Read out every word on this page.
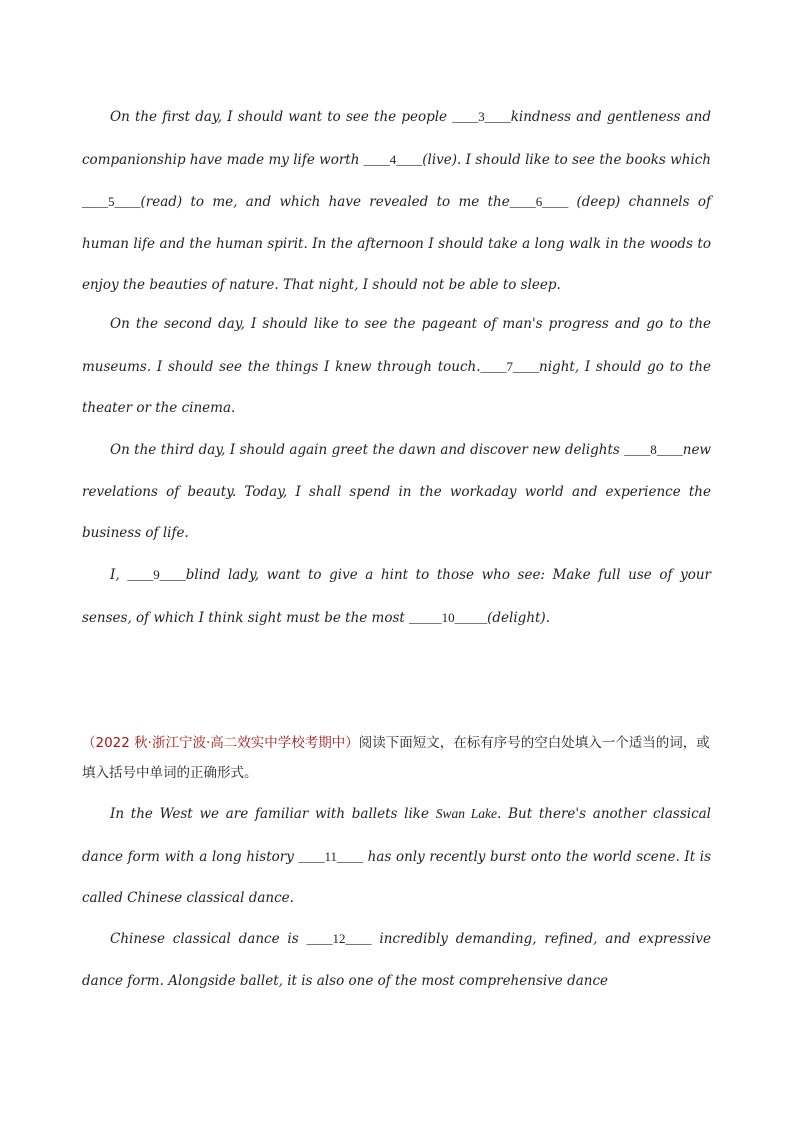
On the first day, I should want to see the people ____3____kindness and gentleness and companionship have made my life worth ____4____(live). I should like to see the books which ____5____(read) to me, and which have revealed to me the____6____ (deep) channels of human life and the human spirit. In the afternoon I should take a long walk in the woods to enjoy the beauties of nature. That night, I should not be able to sleep.

On the second day, I should like to see the pageant of man's progress and go to the museums. I should see the things I knew through touch.____7____night, I should go to the theater or the cinema.

On the third day, I should again greet the dawn and discover new delights ____8____new revelations of beauty. Today, I shall spend in the workaday world and experience the business of life.

I, ____9____blind lady, want to give a hint to those who see: Make full use of your senses, of which I think sight must be the most _____10_____(delight).

（2022 秋·浙江宁波·高二效实中学校考期中）阅读下面短文，在标有序号的空白处填入一个适当的词，或填入括号中单词的正确形式。

In the West we are familiar with ballets like Swan Lake. But there's another classical dance form with a long history ____11____ has only recently burst onto the world scene. It is called Chinese classical dance.

Chinese classical dance is ____12____ incredibly demanding, refined, and expressive dance form. Alongside ballet, it is also one of the most comprehensive dance
